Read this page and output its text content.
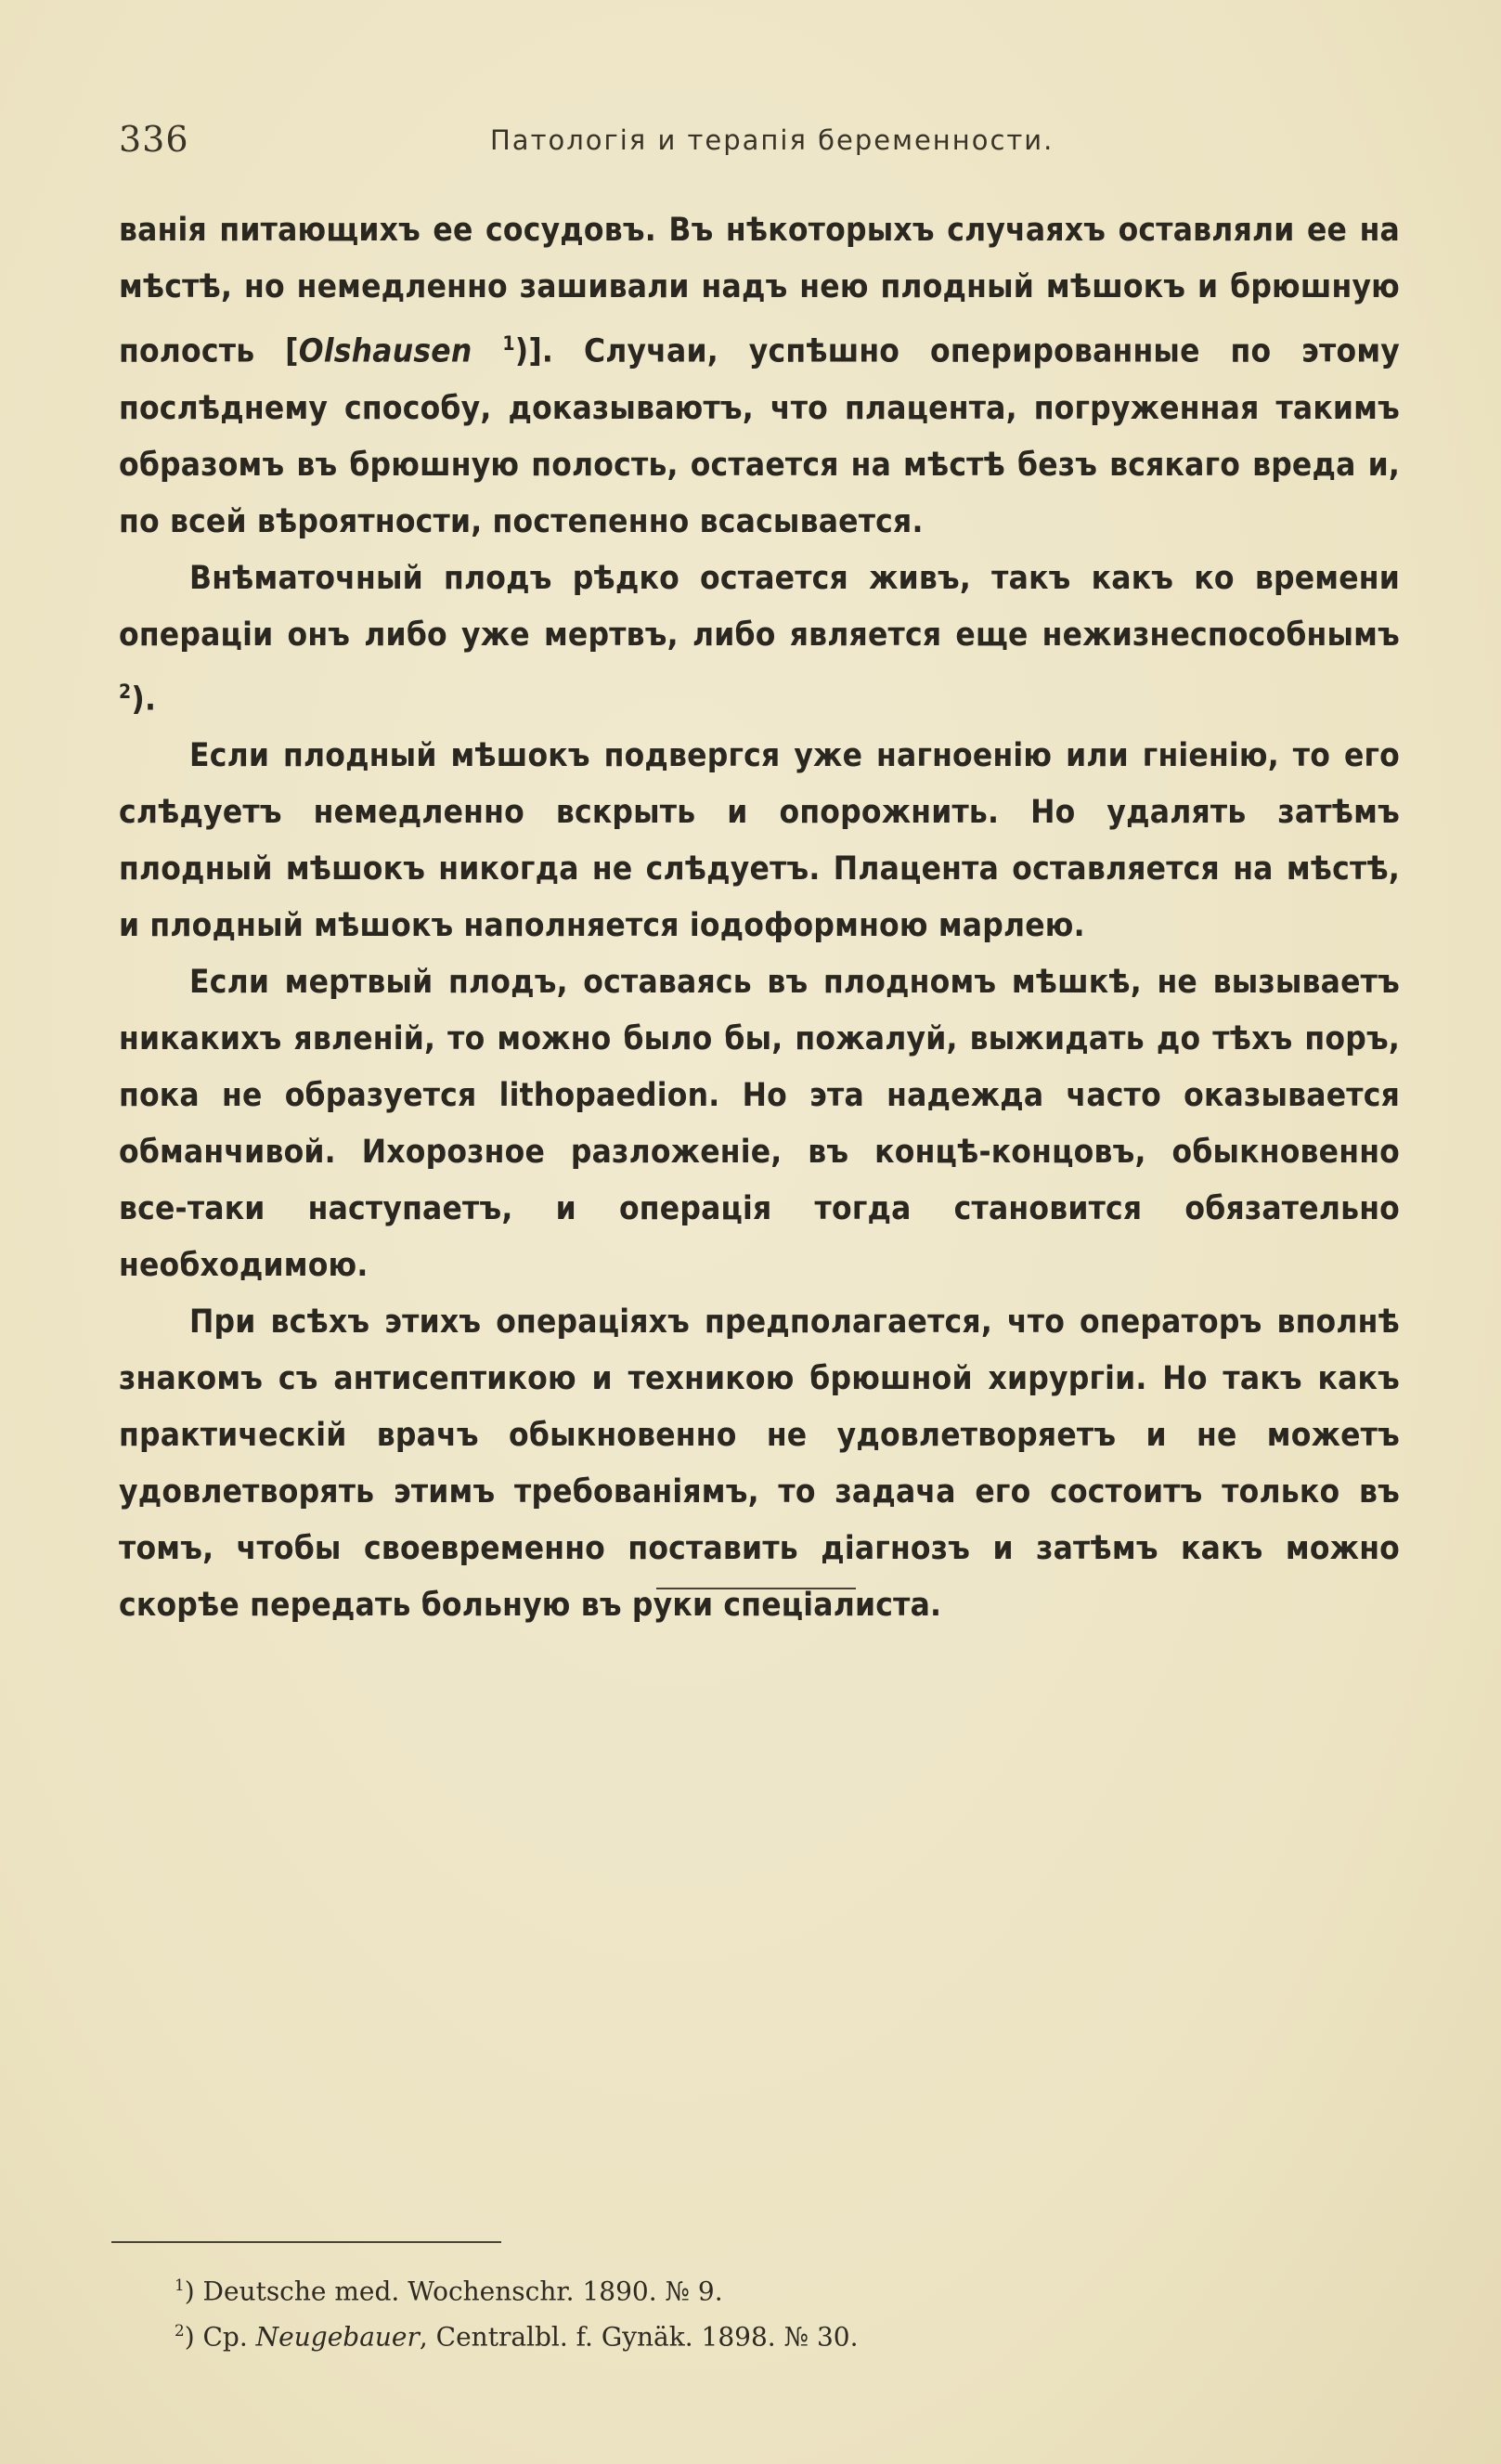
336	Патологія и терапія беременности.

ванія питающихъ ее сосудовъ. Въ нѣкоторыхъ случаяхъ оставляли ее на мѣстѣ, но немедленно зашивали надъ нею плодный мѣшокъ и брюшную полость [Olshausen $^1$)]. Случаи, успѣшно оперированные по этому послѣднему способу, доказываютъ, что плацента, погруженная такимъ образомъ въ брюшную полость, остается на мѣстѣ безъ всякаго вреда и, по всей вѣроятности, постепенно всасывается.

Внѣматочный плодъ рѣдко остается живъ, такъ какъ ко времени операціи онъ либо уже мертвъ, либо является еще нежизнеспособнымъ $^2$).

Если плодный мѣшокъ подвергся уже нагноенію или гніенію, то его слѣдуетъ немедленно вскрыть и опорожнить. Но удалять затѣмъ плодный мѣшокъ никогда не слѣдуетъ. Плацента оставляется на мѣстѣ, и плодный мѣшокъ наполняется іодоформною марлею.

Если мертвый плодъ, оставаясь въ плодномъ мѣшкѣ, не вызываетъ никакихъ явленій, то можно было бы, пожалуй, выжидать до тѣхъ поръ, пока не образуется lithopaedion. Но эта надежда часто оказывается обманчивой. Ихорозное разложеніе, въ концѣ-концовъ, обыкновенно все-таки наступаетъ, и операція тогда становится обязательно необходимою.

При всѣхъ этихъ операціяхъ предполагается, что операторъ вполнѣ знакомъ съ антисептикою и техникою брюшной хирургіи. Но такъ какъ практическій врачъ обыкновенно не удовлетворяетъ и не можетъ удовлетворять этимъ требованіямъ, то задача его состоитъ только въ томъ, чтобы своевременно поставить діагнозъ и затѣмъ какъ можно скорѣе передать больную въ руки спеціалиста.

$^1$) Deutsche med. Wochenschr. 1890. № 9.
$^2$) Ср. Neugebauer, Centralbl. f. Gynäk. 1898. № 30.
